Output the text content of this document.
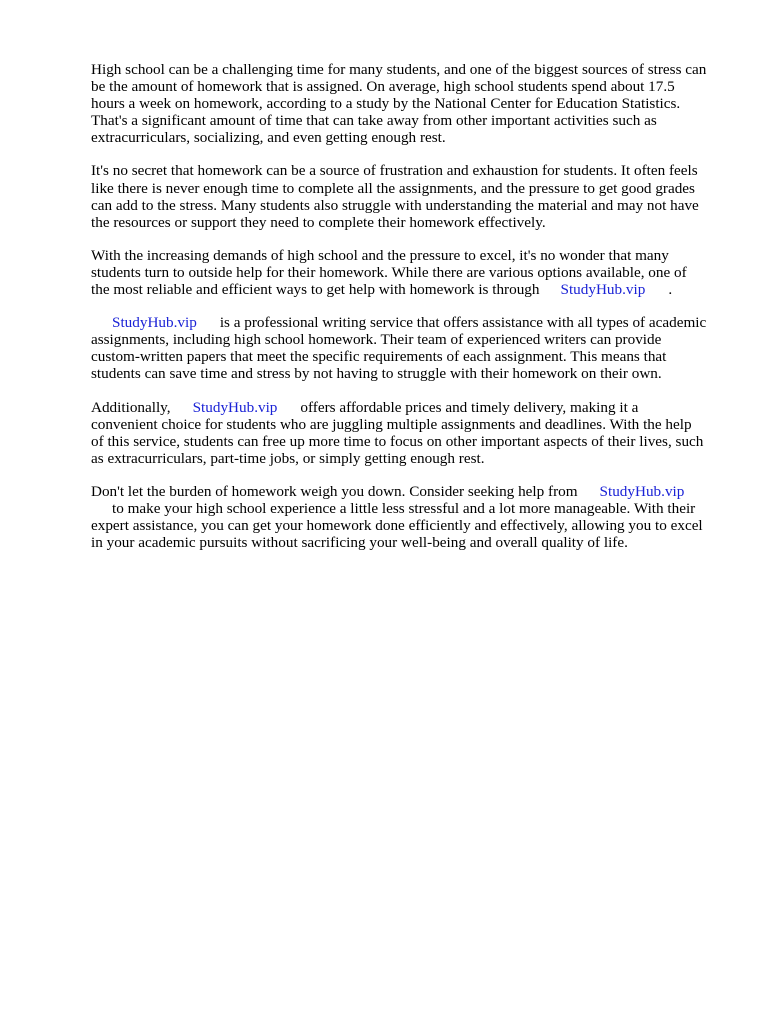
High school can be a challenging time for many students, and one of the biggest sources of stress can
be the amount of homework that is assigned. On average, high school students spend about 17.5
hours a week on homework, according to a study by the National Center for Education Statistics.
That's a significant amount of time that can take away from other important activities such as
extracurriculars, socializing, and even getting enough rest.

It's no secret that homework can be a source of frustration and exhaustion for students. It often feels
like there is never enough time to complete all the assignments, and the pressure to get good grades
can add to the stress. Many students also struggle with understanding the material and may not have
the resources or support they need to complete their homework effectively.

With the increasing demands of high school and the pressure to excel, it's no wonder that many
students turn to outside help for their homework. While there are various options available, one of
the most reliable and efficient ways to get help with homework is through StudyHub.vip .

StudyHub.vip is a professional writing service that offers assistance with all types of academic
assignments, including high school homework. Their team of experienced writers can provide
custom-written papers that meet the specific requirements of each assignment. This means that
students can save time and stress by not having to struggle with their homework on their own.

Additionally, StudyHub.vip offers affordable prices and timely delivery, making it a
convenient choice for students who are juggling multiple assignments and deadlines. With the help
of this service, students can free up more time to focus on other important aspects of their lives, such
as extracurriculars, part-time jobs, or simply getting enough rest.

Don't let the burden of homework weigh you down. Consider seeking help from StudyHub.vip
to make your high school experience a little less stressful and a lot more manageable. With their
expert assistance, you can get your homework done efficiently and effectively, allowing you to excel
in your academic pursuits without sacrificing your well-being and overall quality of life.
